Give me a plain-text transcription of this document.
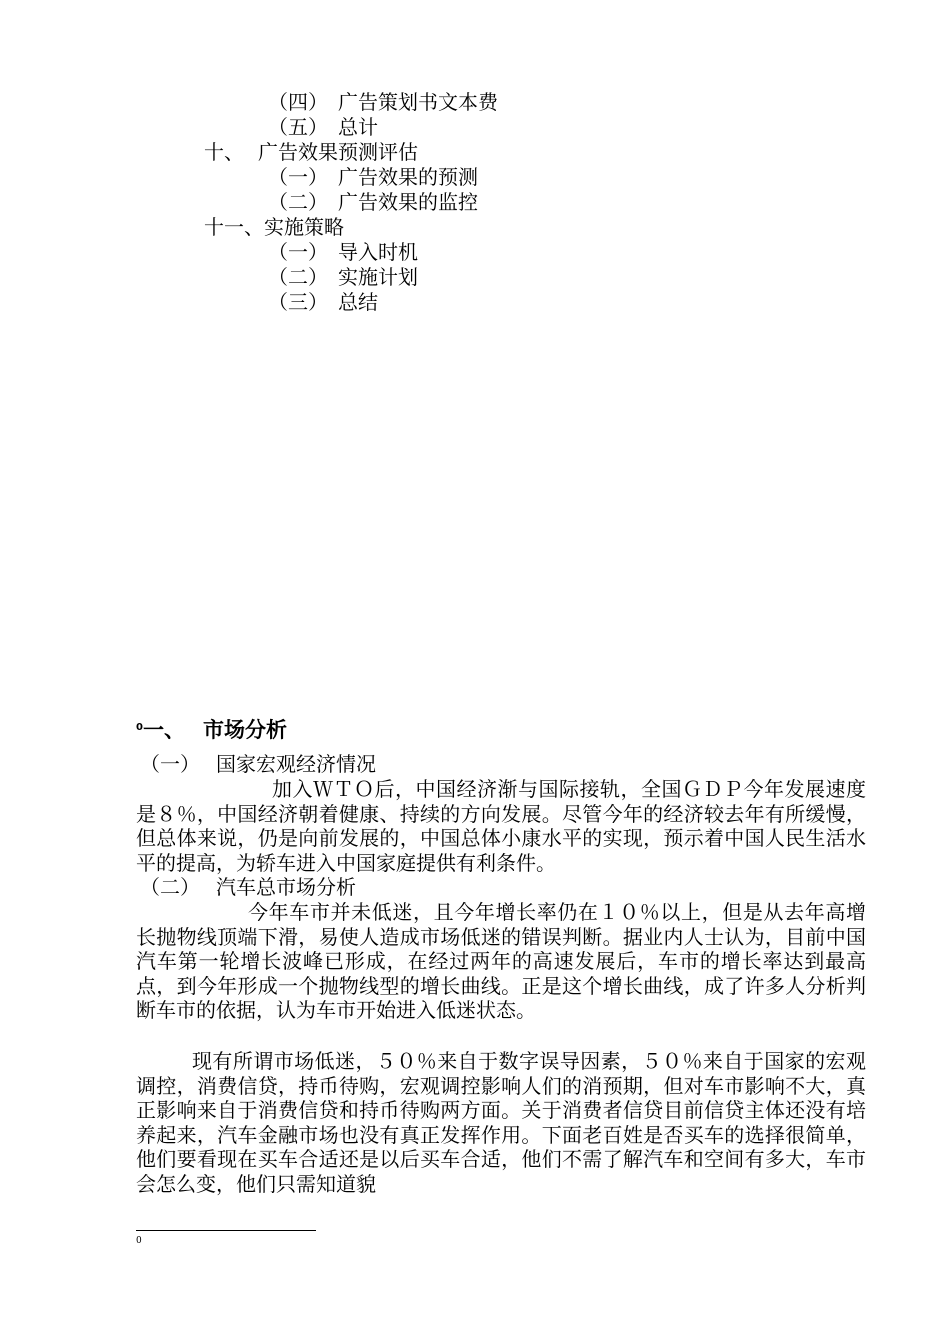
（四） 广告策划书文本费
（五） 总计
十、 广告效果预测评估
（一） 广告效果的预测
（二） 广告效果的监控
十一、实施策略
（一） 导入时机
（二） 实施计划
（三） 总结
$^0$一、 市场分析
（一） 国家宏观经济情况
加入ＷＴＯ后，中国经济渐与国际接轨，全国ＧＤＰ今年发展速度是８％，中国经济朝着健康、持续的方向发展。尽管今年的经济较去年有所缓慢，但总体来说，仍是向前发展的，中国总体小康水平的实现，预示着中国人民生活水平的提高，为轿车进入中国家庭提供有利条件。
（二） 汽车总市场分析
今年车市并未低迷，且今年增长率仍在１０％以上，但是从去年高增长抛物线顶端下滑，易使人造成市场低迷的错误判断。据业内人士认为，目前中国汽车第一轮增长波峰已形成，在经过两年的高速发展后，车市的增长率达到最高点，到今年形成一个抛物线型的增长曲线。正是这个增长曲线，成了许多人分析判断车市的依据，认为车市开始进入低迷状态。
现有所谓市场低迷，５０％来自于数字误导因素，５０％来自于国家的宏观调控，消费信贷，持币待购，宏观调控影响人们的消预期，但对车市影响不大，真正影响来自于消费信贷和持币待购两方面。关于消费者信贷目前信贷主体还没有培养起来，汽车金融市场也没有真正发挥作用。下面老百姓是否买车的选择很简单，他们要看现在买车合适还是以后买车合适，他们不需了解汽车和空间有多大，车市会怎么变，他们只需知道貌
0
